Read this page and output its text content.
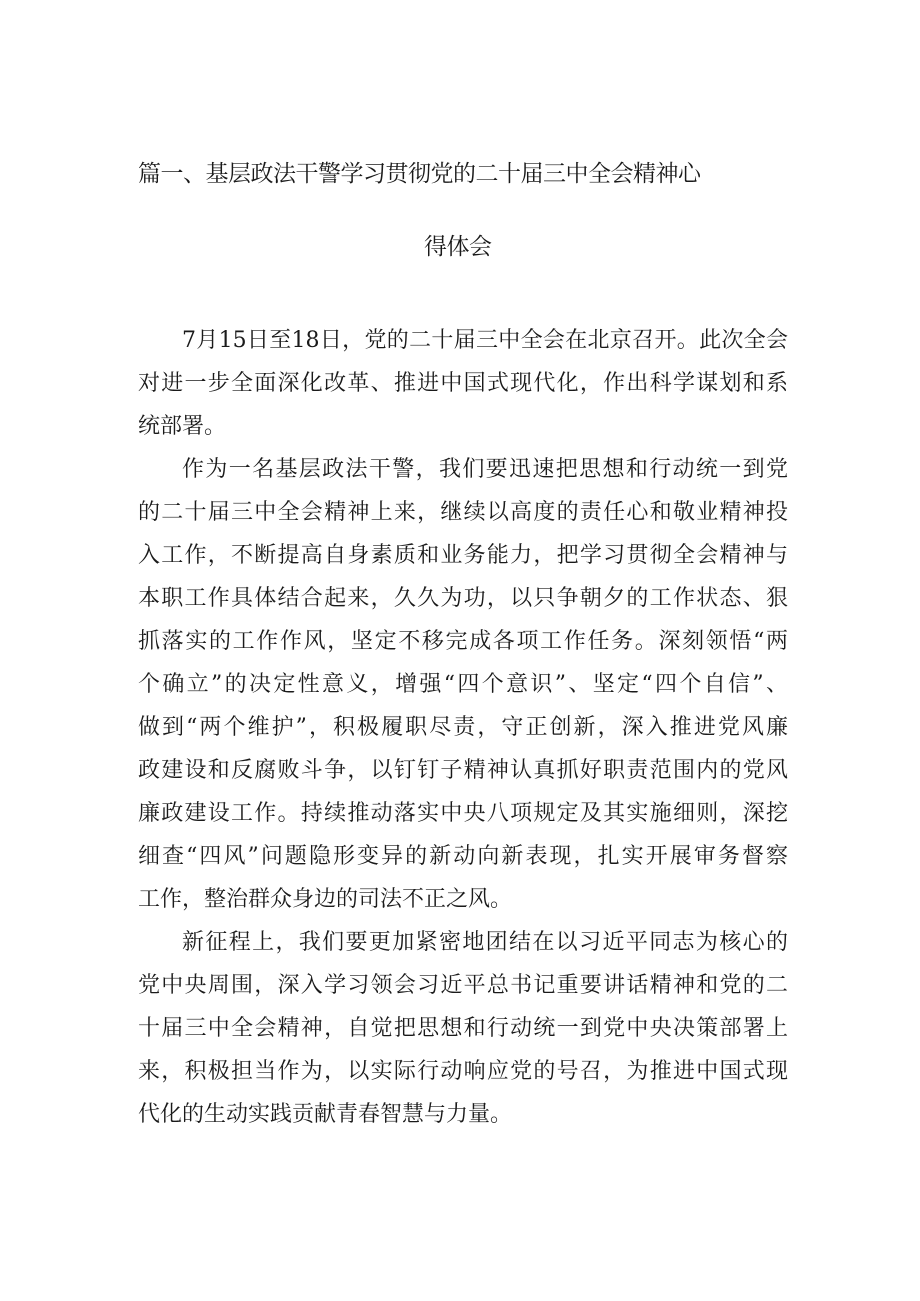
篇一、基层政法干警学习贯彻党的二十届三中全会精神心
得体会
7月15日至18日，党的二十届三中全会在北京召开。此次全会
对进一步全面深化改革、推进中国式现代化，作出科学谋划和系
统部署。
作为一名基层政法干警，我们要迅速把思想和行动统一到党
的二十届三中全会精神上来，继续以高度的责任心和敬业精神投
入工作，不断提高自身素质和业务能力，把学习贯彻全会精神与
本职工作具体结合起来，久久为功，以只争朝夕的工作状态、狠
抓落实的工作作风，坚定不移完成各项工作任务。深刻领悟“两
个确立”的决定性意义，增强“四个意识”、坚定“四个自信”、
做到“两个维护”，积极履职尽责，守正创新，深入推进党风廉
政建设和反腐败斗争，以钉钉子精神认真抓好职责范围内的党风
廉政建设工作。持续推动落实中央八项规定及其实施细则，深挖
细查“四风”问题隐形变异的新动向新表现，扎实开展审务督察
工作，整治群众身边的司法不正之风。
新征程上，我们要更加紧密地团结在以习近平同志为核心的
党中央周围，深入学习领会习近平总书记重要讲话精神和党的二
十届三中全会精神，自觉把思想和行动统一到党中央决策部署上
来，积极担当作为，以实际行动响应党的号召，为推进中国式现
代化的生动实践贡献青春智慧与力量。
